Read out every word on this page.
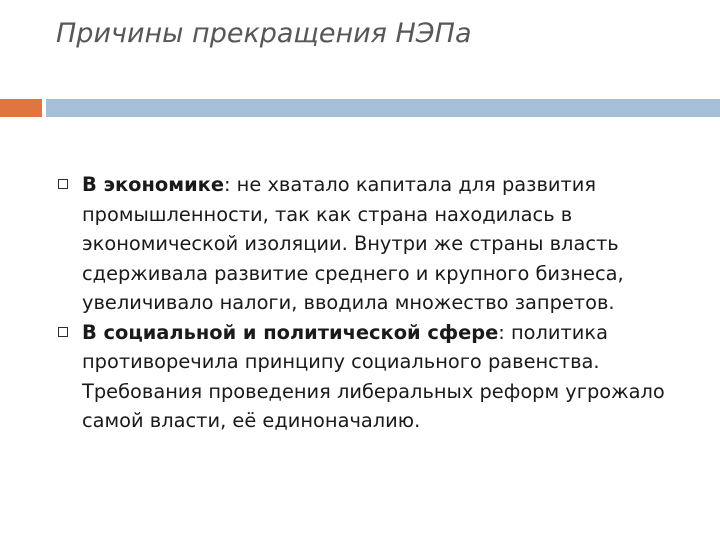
Причины прекращения НЭПа
В экономике: не хватало капитала для развития промышленности, так как страна находилась в экономической изоляции. Внутри же страны власть сдерживала развитие среднего и крупного бизнеса, увеличивало налоги, вводила множество запретов.
В социальной и политической сфере: политика противоречила принципу социального равенства. Требования проведения либеральных реформ угрожало самой власти, её единоначалию.
